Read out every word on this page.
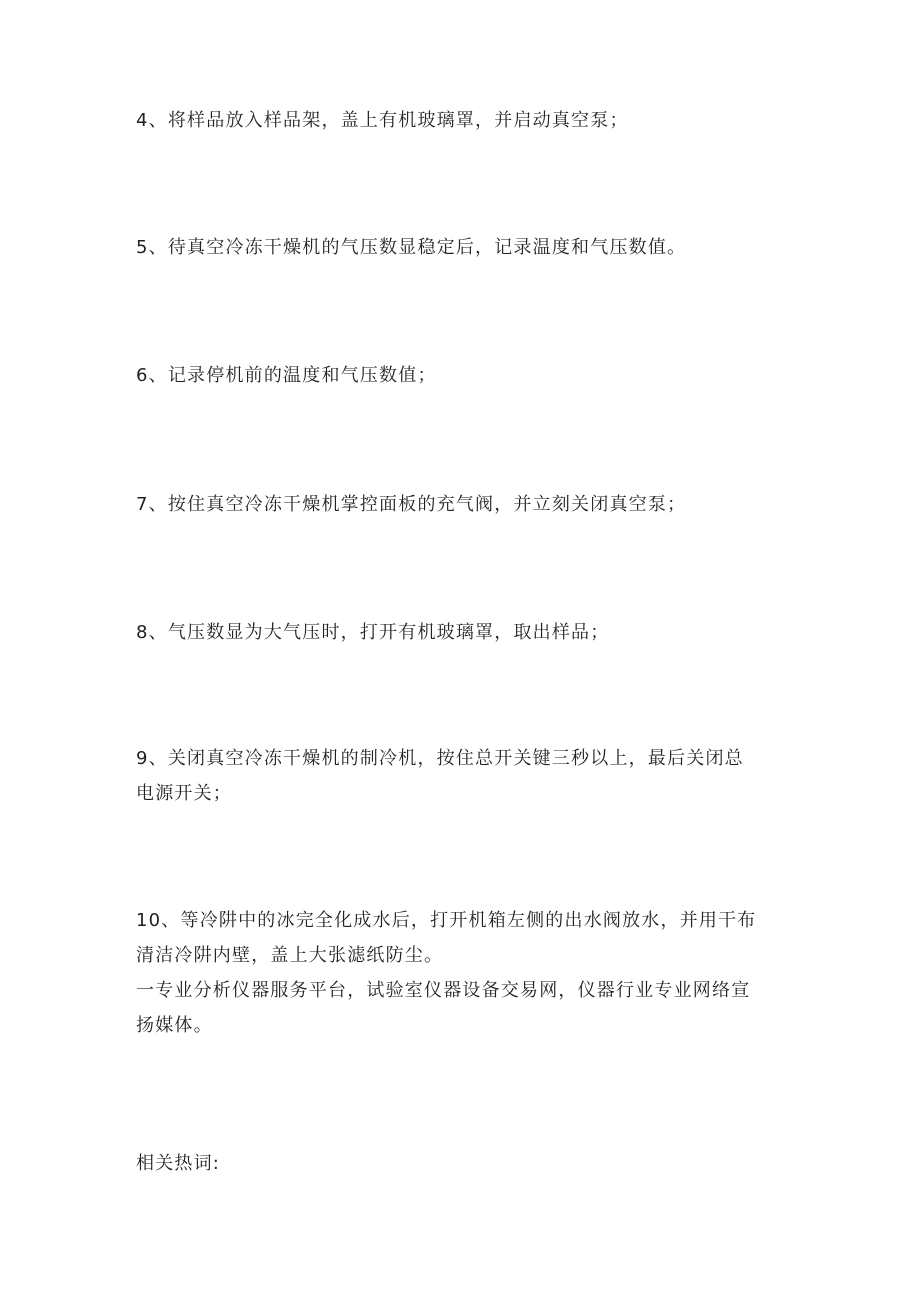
4、将样品放入样品架，盖上有机玻璃罩，并启动真空泵；
5、待真空冷冻干燥机的气压数显稳定后，记录温度和气压数值。
6、记录停机前的温度和气压数值；
7、按住真空冷冻干燥机掌控面板的充气阀，并立刻关闭真空泵；
8、气压数显为大气压时，打开有机玻璃罩，取出样品；
9、关闭真空冷冻干燥机的制冷机，按住总开关键三秒以上，最后关闭总
电源开关；
10、等冷阱中的冰完全化成水后，打开机箱左侧的出水阀放水，并用干布
清洁冷阱内壁，盖上大张滤纸防尘。
一专业分析仪器服务平台，试验室仪器设备交易网，仪器行业专业网络宣
扬媒体。
相关热词:
